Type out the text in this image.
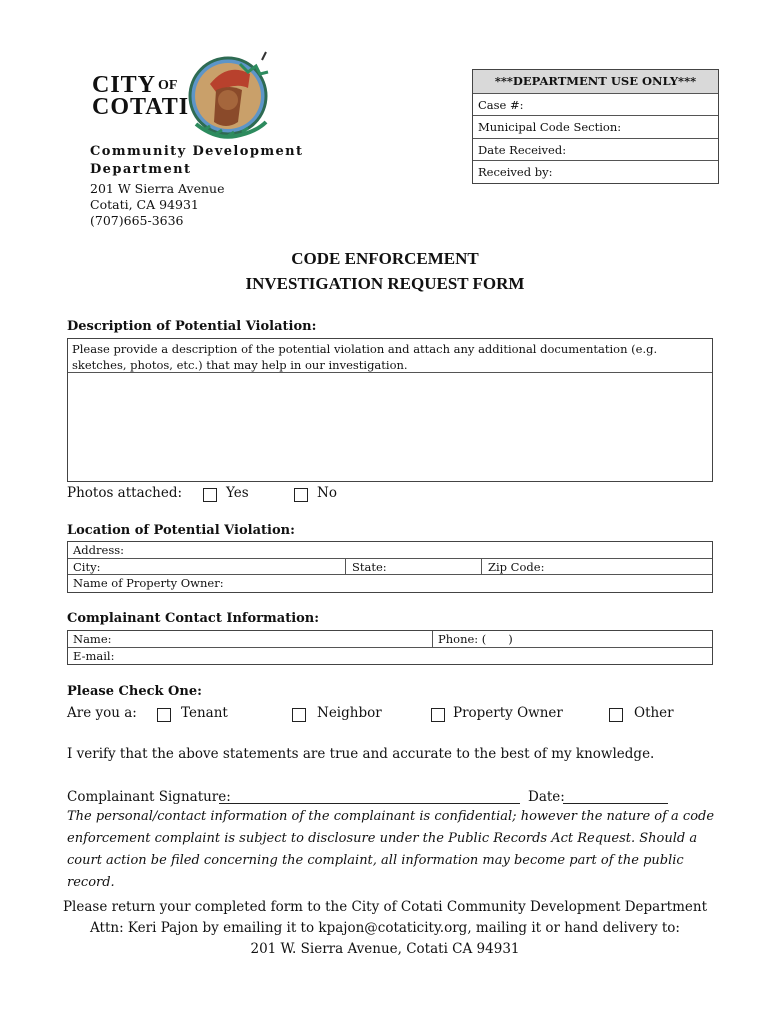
CITY OF
COTATI
Community Development
Department
201 W Sierra Avenue
Cotati, CA 94931
(707)665-3636
***DEPARTMENT USE ONLY***
Case #:
Municipal Code Section:
Date Received:
Received by:
CODE ENFORCEMENT
INVESTIGATION REQUEST FORM
Description of Potential Violation:
Please provide a description of the potential violation and attach any additional documentation (e.g. sketches, photos, etc.) that may help in our investigation.
Photos attached:	Yes	No
Location of Potential Violation:
Address:
City:	State:	Zip Code:
Name of Property Owner:
Complainant Contact Information:
Name:	Phone: (      )
E-mail:
Please Check One:
Are you a:	Tenant	Neighbor	Property Owner	Other
I verify that the above statements are true and accurate to the best of my knowledge.
Complainant Signature:	Date:
The personal/contact information of the complainant is confidential; however the nature of a code enforcement complaint is subject to disclosure under the Public Records Act Request. Should a court action be filed concerning the complaint, all information may become part of the public record.
Please return your completed form to the City of Cotati Community Development Department
Attn: Keri Pajon by emailing it to kpajon@cotaticity.org, mailing it or hand delivery to:
201 W. Sierra Avenue, Cotati CA 94931
